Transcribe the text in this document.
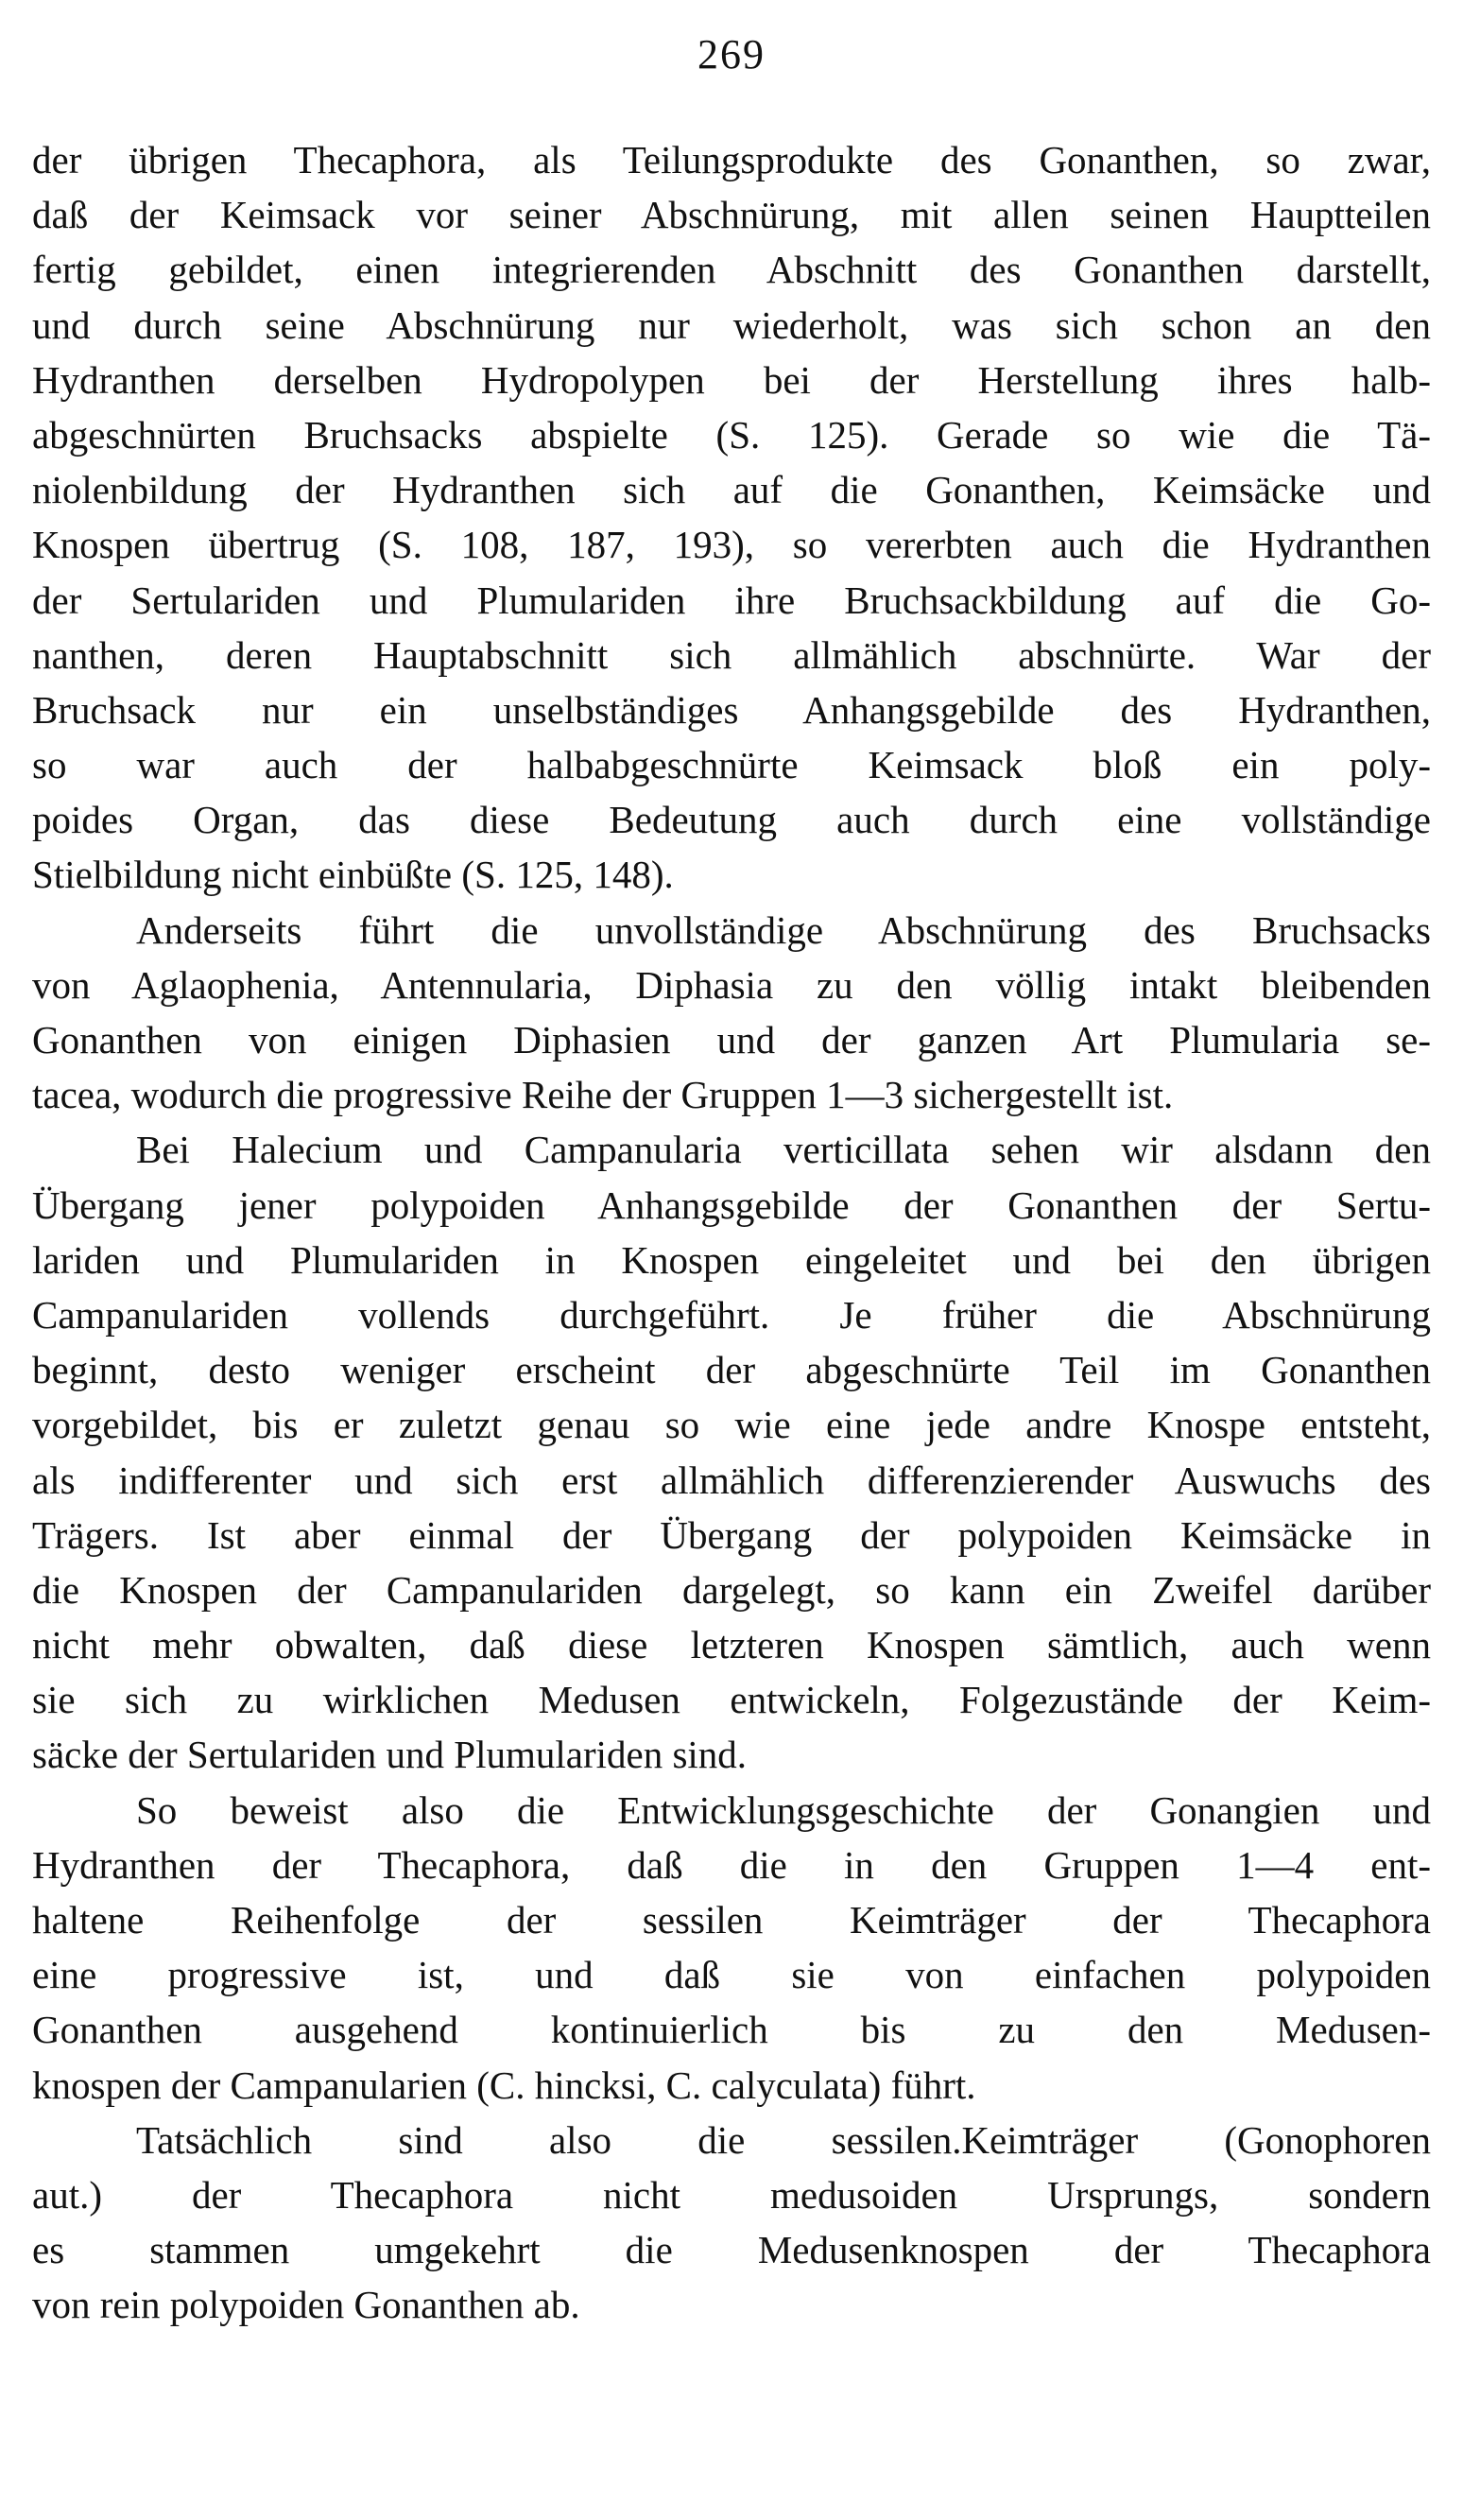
269
der übrigen Thecaphora, als Teilungsprodukte des Gonanthen, so zwar,
daß der Keimsack vor seiner Abschnürung, mit allen seinen Hauptteilen
fertig gebildet, einen integrierenden Abschnitt des Gonanthen darstellt,
und durch seine Abschnürung nur wiederholt, was sich schon an den
Hydranthen derselben Hydropolypen bei der Herstellung ihres halb-
abgeschnürten Bruchsacks abspielte (S. 125). Gerade so wie die Tä-
niolenbildung der Hydranthen sich auf die Gonanthen, Keimsäcke und
Knospen übertrug (S. 108, 187, 193), so vererbten auch die Hydranthen
der Sertulariden und Plumulariden ihre Bruchsackbildung auf die Go-
nanthen, deren Hauptabschnitt sich allmählich abschnürte. War der
Bruchsack nur ein unselbständiges Anhangsgebilde des Hydranthen,
so war auch der halbabgeschnürte Keimsack bloß ein poly-
poides Organ, das diese Bedeutung auch durch eine vollständige
Stielbildung nicht einbüßte (S. 125, 148).
Anderseits führt die unvollständige Abschnürung des Bruchsacks
von Aglaophenia, Antennularia, Diphasia zu den völlig intakt bleibenden
Gonanthen von einigen Diphasien und der ganzen Art Plumularia se-
tacea, wodurch die progressive Reihe der Gruppen 1—3 sichergestellt ist.
Bei Halecium und Campanularia verticillata sehen wir alsdann den
Übergang jener polypoiden Anhangsgebilde der Gonanthen der Sertu-
lariden und Plumulariden in Knospen eingeleitet und bei den übrigen
Campanulariden vollends durchgeführt. Je früher die Abschnürung
beginnt, desto weniger erscheint der abgeschnürte Teil im Gonanthen
vorgebildet, bis er zuletzt genau so wie eine jede andre Knospe entsteht,
als indifferenter und sich erst allmählich differenzierender Auswuchs des
Trägers. Ist aber einmal der Übergang der polypoiden Keimsäcke in
die Knospen der Campanulariden dargelegt, so kann ein Zweifel darüber
nicht mehr obwalten, daß diese letzteren Knospen sämtlich, auch wenn
sie sich zu wirklichen Medusen entwickeln, Folgezustände der Keim-
säcke der Sertulariden und Plumulariden sind.
So beweist also die Entwicklungsgeschichte der Gonangien und
Hydranthen der Thecaphora, daß die in den Gruppen 1—4 ent-
haltene Reihenfolge der sessilen Keimträger der Thecaphora
eine progressive ist, und daß sie von einfachen polypoiden
Gonanthen ausgehend kontinuierlich bis zu den Medusen-
knospen der Campanularien (C. hincksi, C. calyculata) führt.
Tatsächlich sind also die sessilen.Keimträger (Gonophoren
aut.) der Thecaphora nicht medusoiden Ursprungs, sondern
es stammen umgekehrt die Medusenknospen der Thecaphora
von rein polypoiden Gonanthen ab.
